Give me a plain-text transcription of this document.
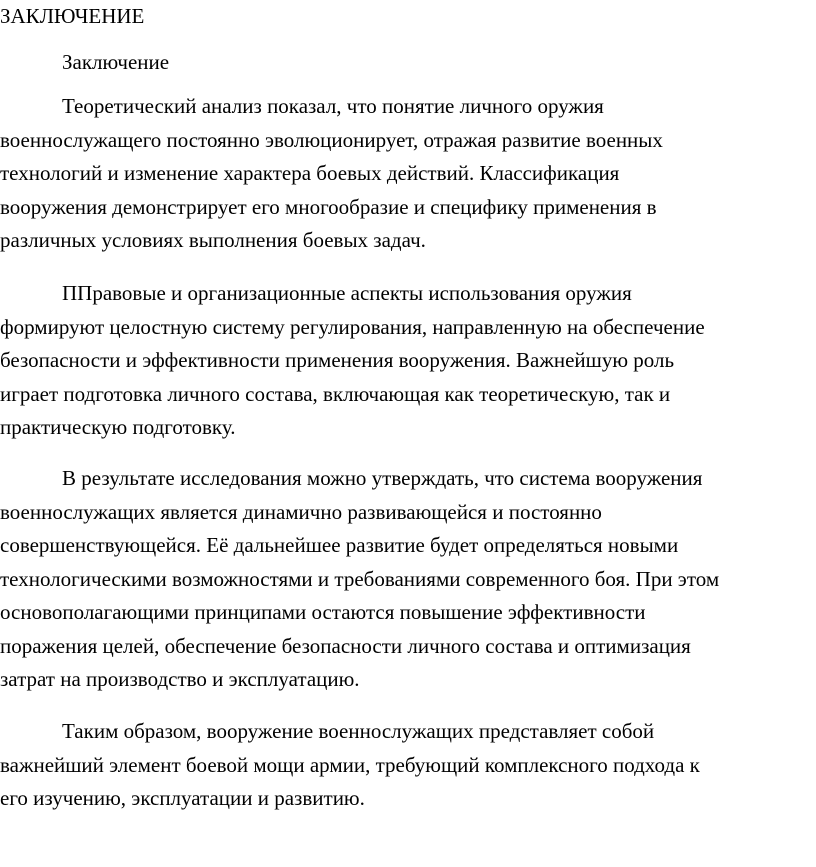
ЗАКЛЮЧЕНИЕ
Заключение
Теоретический анализ показал, что понятие личного оружия
военнослужащего постоянно эволюционирует, отражая развитие военных
технологий и изменение характера боевых действий. Классификация
вооружения демонстрирует его многообразие и специфику применения в
различных условиях выполнения боевых задач.
ППравовые и организационные аспекты использования оружия
формируют целостную систему регулирования, направленную на обеспечение
безопасности и эффективности применения вооружения. Важнейшую роль
играет подготовка личного состава, включающая как теоретическую, так и
практическую подготовку.
В результате исследования можно утверждать, что система вооружения
военнослужащих является динамично развивающейся и постоянно
совершенствующейся. Её дальнейшее развитие будет определяться новыми
технологическими возможностями и требованиями современного боя. При этом
основополагающими принципами остаются повышение эффективности
поражения целей, обеспечение безопасности личного состава и оптимизация
затрат на производство и эксплуатацию.
Таким образом, вооружение военнослужащих представляет собой
важнейший элемент боевой мощи армии, требующий комплексного подхода к
его изучению, эксплуатации и развитию.
